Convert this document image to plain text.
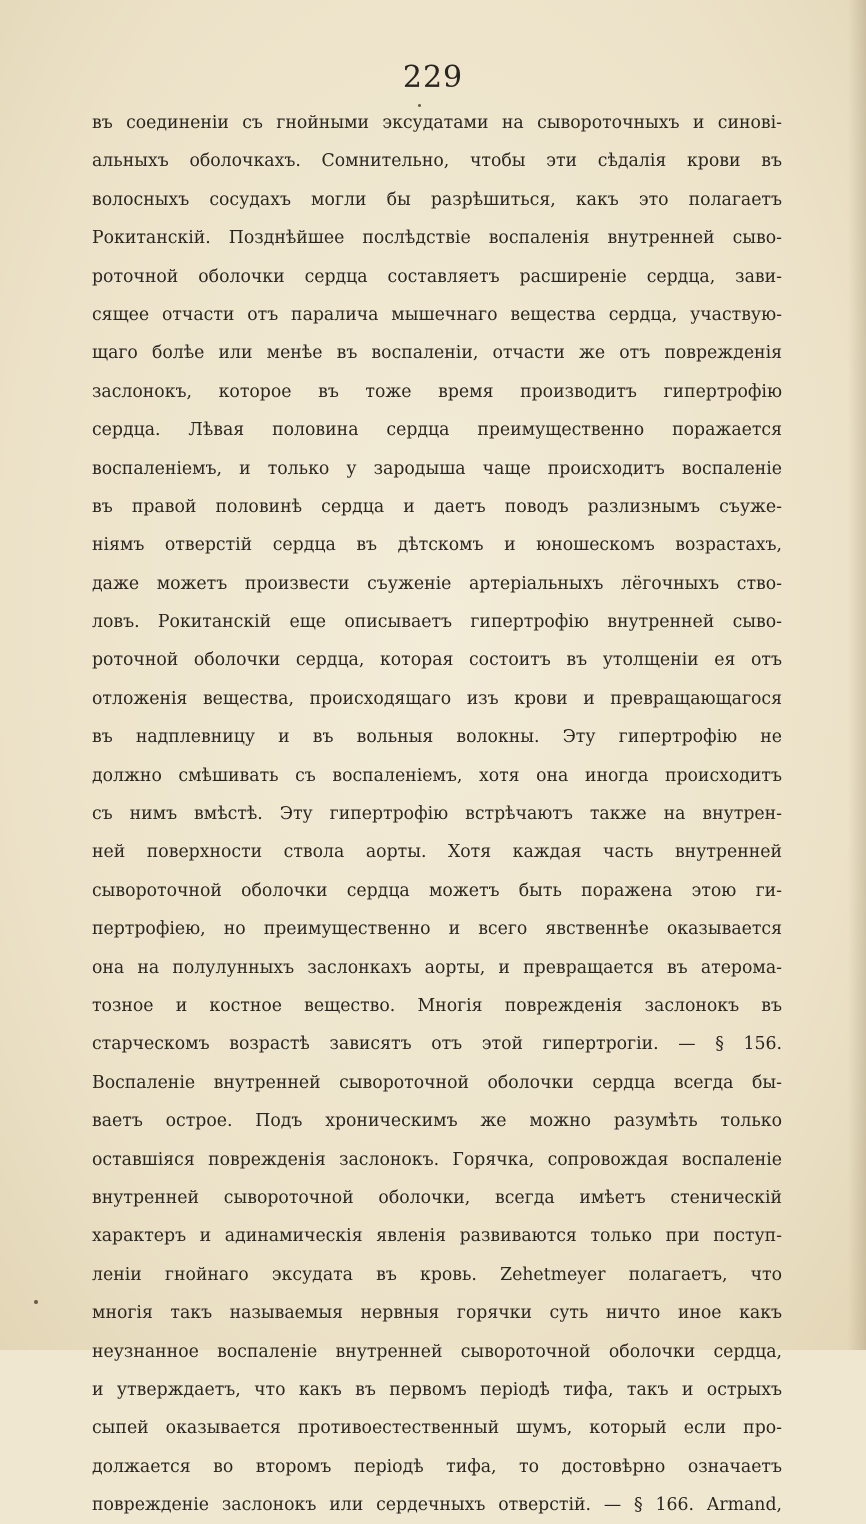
229
въ соединеніи съ гнойными эксудатами на сывороточныхъ и синові-
альныхъ оболочкахъ. Сомнительно, чтобы эти сѣдалія крови въ
волосныхъ сосудахъ могли бы разрѣшиться, какъ это полагаетъ
Рокитанскій. Позднѣйшее послѣдствіе воспаленія внутренней сыво-
роточной оболочки сердца составляетъ расширеніе сердца, зави-
сящее отчасти отъ паралича мышечнаго вещества сердца, участвую-
щаго болѣе или менѣе въ воспаленіи, отчасти же отъ поврежденія
заслонокъ, которое въ тоже время производитъ гипертрофію
сердца. Лѣвая половина сердца преимущественно поражается
воспаленіемъ, и только у зародыша чаще происходитъ воспаленіе
въ правой половинѣ сердца и даетъ поводъ разлизнымъ съуже-
ніямъ отверстій сердца въ дѣтскомъ и юношескомъ возрастахъ,
даже можетъ произвести съуженіе артеріальныхъ лёгочныхъ ство-
ловъ. Рокитанскій еще описываетъ гипертрофію внутренней сыво-
роточной оболочки сердца, которая состоитъ въ утолщеніи ея отъ
отложенія вещества, происходящаго изъ крови и превращающагося
въ надплевницу и въ вольныя волокны. Эту гипертрофію не
должно смѣшивать съ воспаленіемъ, хотя она иногда происходитъ
съ нимъ вмѣстѣ. Эту гипертрофію встрѣчаютъ также на внутрен-
ней поверхности ствола аорты. Хотя каждая часть внутренней
сывороточной оболочки сердца можетъ быть поражена этою ги-
пертрофіею, но преимущественно и всего явственнѣе оказывается
она на полулунныхъ заслонкахъ аорты, и превращается въ атерома-
тозное и костное вещество. Многія поврежденія заслонокъ въ
старческомъ возрастѣ зависятъ отъ этой гипертрогіи. — § 156.
Воспаленіе внутренней сывороточной оболочки сердца всегда бы-
ваетъ острое. Подъ хроническимъ же можно разумѣть только
оставшіяся поврежденія заслонокъ. Горячка, сопровождая воспаленіе
внутренней сывороточной оболочки, всегда имѣетъ стеническій
характеръ и адинамическія явленія развиваются только при поступ-
леніи гнойнаго эксудата въ кровь. Zehetmeyer полагаетъ, что
многія такъ называемыя нервныя горячки суть ничто иное какъ
неузнанное воспаленіе внутренней сывороточной оболочки сердца,
и утверждаетъ, что какъ въ первомъ періодѣ тифа, такъ и острыхъ
сыпей оказывается противоестественный шумъ, который если про-
должается во второмъ періодѣ тифа, то достовѣрно означаетъ
поврежденіе заслонокъ или сердечныхъ отверстій. — § 166. Armand,
